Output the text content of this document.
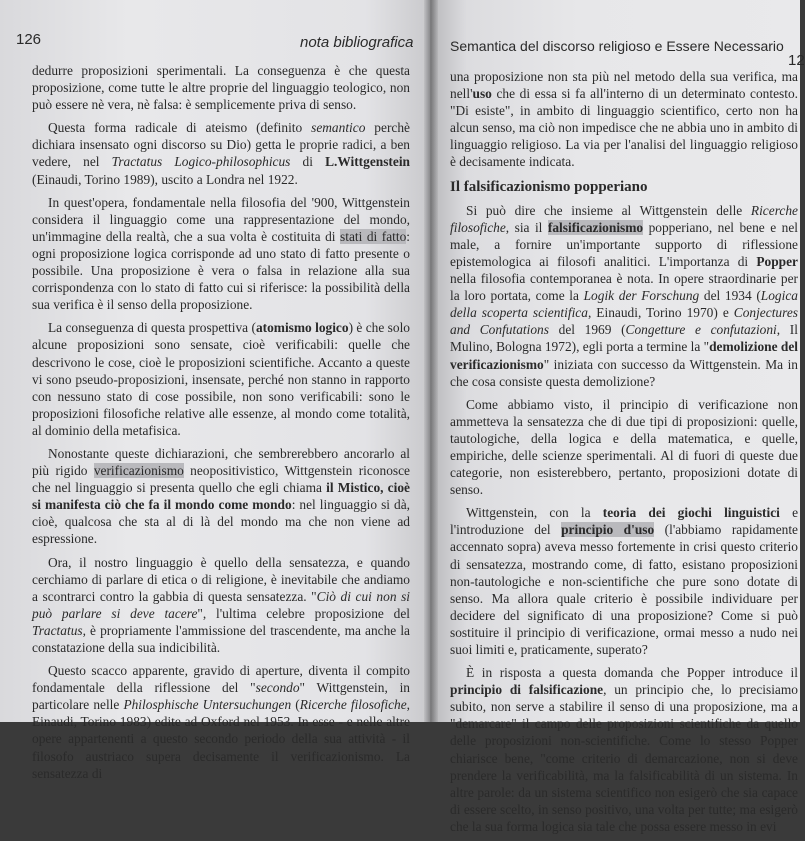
126	nota bibliografica

dedurre proposizioni sperimentali. La conseguenza è che questa proposizione, come tutte le altre proprie del linguaggio teologico, non può essere nè vera, nè falsa: è semplicemente priva di senso.

Questa forma radicale di ateismo (definito semantico perchè dichiara insensato ogni discorso su Dio) getta le proprie radici, a ben vedere, nel Tractatus Logico-philosophicus di L.Wittgenstein (Einaudi, Torino 1989), uscito a Londra nel 1922.

In quest'opera, fondamentale nella filosofia del '900, Wittgenstein considera il linguaggio come una rappresentazione del mondo, un'immagine della realtà, che a sua volta è costituita di stati di fatto: ogni proposizione logica corrisponde ad uno stato di fatto presente o possibile. Una proposizione è vera o falsa in relazione alla sua corrispondenza con lo stato di fatto cui si riferisce: la possibilità della sua verifica è il senso della proposizione.

La conseguenza di questa prospettiva (atomismo logico) è che solo alcune proposizioni sono sensate, cioè verificabili: quelle che descrivono le cose, cioè le proposizioni scientifiche. Accanto a queste vi sono pseudo-proposizioni, insensate, perché non stanno in rapporto con nessuno stato di cose possibile, non sono verificabili: sono le proposizioni filosofiche relative alle essenze, al mondo come totalità, al dominio della metafisica.

Nonostante queste dichiarazioni, che sembrerebbero ancorarlo al più rigido verificazionismo neopositivistico, Wittgenstein riconosce che nel linguaggio si presenta quello che egli chiama il Mistico, cioè si manifesta ciò che fa il mondo come mondo: nel linguaggio si dà, cioè, qualcosa che sta al di là del mondo ma che non viene ad espressione.

Ora, il nostro linguaggio è quello della sensatezza, e quando cerchiamo di parlare di etica o di religione, è inevitabile che andiamo a scontrarci contro la gabbia di questa sensatezza. "Ciò di cui non si può parlare si deve tacere", l'ultima celebre proposizione del Tractatus, è propriamente l'ammissione del trascendente, ma anche la constatazione della sua indicibilità.

Questo scacco apparente, gravido di aperture, diventa il compito fondamentale della riflessione del "secondo" Wittgenstein, in particolare nelle Philosphische Untersuchungen (Ricerche filosofiche, Einaudi, Torino 1983) edite ad Oxford nel 1953. In esse - e nelle altre opere appartenenti a questo secondo periodo della sua attività - il filosofo austriaco supera decisamente il verificazionismo. La sensatezza di

Semantica del discorso religioso e Essere Necessario
12

una proposizione non sta più nel metodo della sua verifica, ma nell'uso che di essa si fa all'interno di un determinato contesto. "Di esiste", in ambito di linguaggio scientifico, certo non ha alcun senso, ma ciò non impedisce che ne abbia uno in ambito di linguaggio religioso. La via per l'analisi del linguaggio religioso è decisamente indicata.

Il falsificazionismo popperiano

Si può dire che insieme al Wittgenstein delle Ricerche filosofiche, sia il falsificazionismo popperiano, nel bene e nel male, a fornire un'importante supporto di riflessione epistemologica ai filosofi analitici. L'importanza di Popper nella filosofia contemporanea è nota. In opere straordinarie per la loro portata, come la Logik der Forschung del 1934 (Logica della scoperta scientifica, Einaudi, Torino 1970) e Conjectures and Confutations del 1969 (Congetture e confutazioni, Il Mulino, Bologna 1972), egli porta a termine la "demolizione del verificazionismo" iniziata con successo da Wittgenstein. Ma in che cosa consiste questa demolizione?

Come abbiamo visto, il principio di verificazione non ammetteva la sensatezza che di due tipi di proposizioni: quelle, tautologiche, della logica e della matematica, e quelle, empiriche, delle scienze sperimentali. Al di fuori di queste due categorie, non esisterebbero, pertanto, proposizioni dotate di senso.

Wittgenstein, con la teoria dei giochi linguistici e l'introduzione del principio d'uso (l'abbiamo rapidamente accennato sopra) aveva messo fortemente in crisi questo criterio di sensatezza, mostrando come, di fatto, esistano proposizioni non-tautologiche e non-scientifiche che pure sono dotate di senso. Ma allora quale criterio è possibile individuare per decidere del significato di una proposizione? Come si può sostituire il principio di verificazione, ormai messo a nudo nei suoi limiti e, praticamente, superato?

È in risposta a questa domanda che Popper introduce il principio di falsificazione, un principio che, lo precisiamo subito, non serve a stabilire il senso di una proposizione, ma a "demarcare" il campo delle proposizioni scientifiche da quello delle proposizioni non-scientifiche. Come lo stesso Popper chiarisce bene, "come criterio di demarcazione, non si deve prendere la verificabilità, ma la falsificabilità di un sistema. In altre parole: da un sistema scientifico non esigerò che sia capace di essere scelto, in senso positivo, una volta per tutte; ma esigerò che la sua forma logica sia tale che possa essere messo in evi
